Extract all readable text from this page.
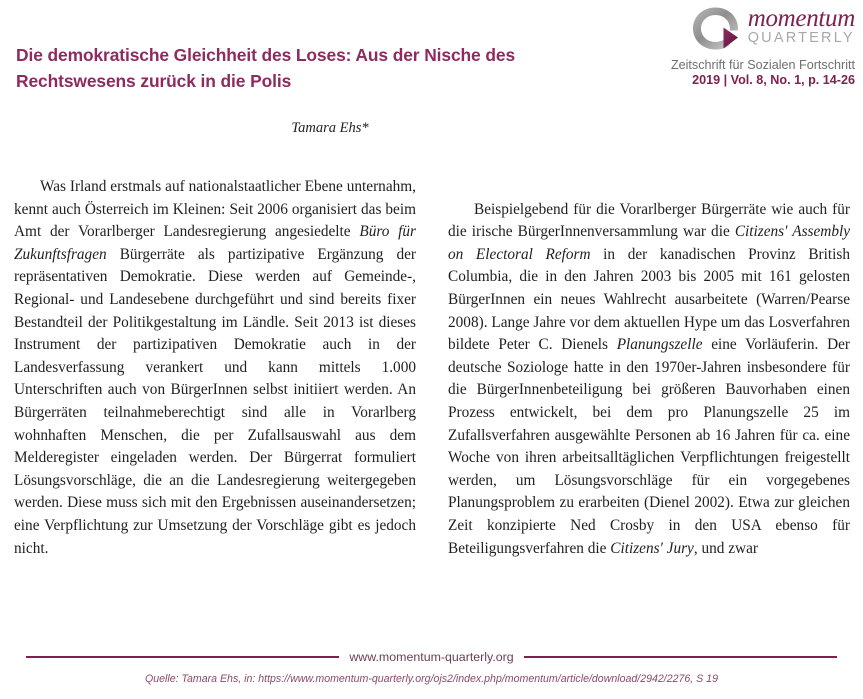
Die demokratische Gleichheit des Loses: Aus der Nische des
Rechtswesens zurück in die Polis
momentum
QUARTERLY
Zeitschrift für Sozialen Fortschritt
2019 | Vol. 8, No. 1, p. 14-26
Tamara Ehs*

Was Irland erstmals auf nationalstaatlicher Ebene unternahm, kennt auch Österreich im Kleinen: Seit 2006 organisiert das beim Amt der Vorarlberger Landesregierung angesiedelte Büro für Zukunftsfragen Bürgerräte als partizipative Ergänzung der repräsentativen Demokratie. Diese werden auf Gemeinde-, Regional- und Landesebene durchgeführt und sind bereits fixer Bestandteil der Politikgestaltung im Ländle. Seit 2013 ist dieses Instrument der partizipativen Demokratie auch in der Landesverfassung verankert und kann mittels 1.000 Unterschriften auch von BürgerInnen selbst initiiert werden. An Bürgerräten teilnahmeberechtigt sind alle in Vorarlberg wohnhaften Menschen, die per Zufallsauswahl aus dem Melderegister eingeladen werden. Der Bürgerrat formuliert Lösungsvorschläge, die an die Landesregierung weitergegeben werden. Diese muss sich mit den Ergebnissen auseinandersetzen; eine Verpflichtung zur Umsetzung der Vorschläge gibt es jedoch nicht.

Beispielgebend für die Vorarlberger Bürgerräte wie auch für die irische BürgerInnenversammlung war die Citizens' Assembly on Electoral Reform in der kanadischen Provinz British Columbia, die in den Jahren 2003 bis 2005 mit 161 gelosten BürgerInnen ein neues Wahlrecht ausarbeitete (Warren/Pearse 2008). Lange Jahre vor dem aktuellen Hype um das Losverfahren bildete Peter C. Dienels Planungszelle eine Vorläuferin. Der deutsche Soziologe hatte in den 1970er-Jahren insbesondere für die BürgerInnenbeteiligung bei größeren Bauvorhaben einen Prozess entwickelt, bei dem pro Planungszelle 25 im Zufallsverfahren ausgewählte Personen ab 16 Jahren für ca. eine Woche von ihren arbeitsalltäglichen Verpflichtungen freigestellt werden, um Lösungsvorschläge für ein vorgegebenes Planungsproblem zu erarbeiten (Dienel 2002). Etwa zur gleichen Zeit konzipierte Ned Crosby in den USA ebenso für Beteiligungsverfahren die Citizens' Jury, und zwar

www.momentum-quarterly.org
Quelle: Tamara Ehs, in: https://www.momentum-quarterly.org/ojs2/index.php/momentum/article/download/2942/2276, S 19
